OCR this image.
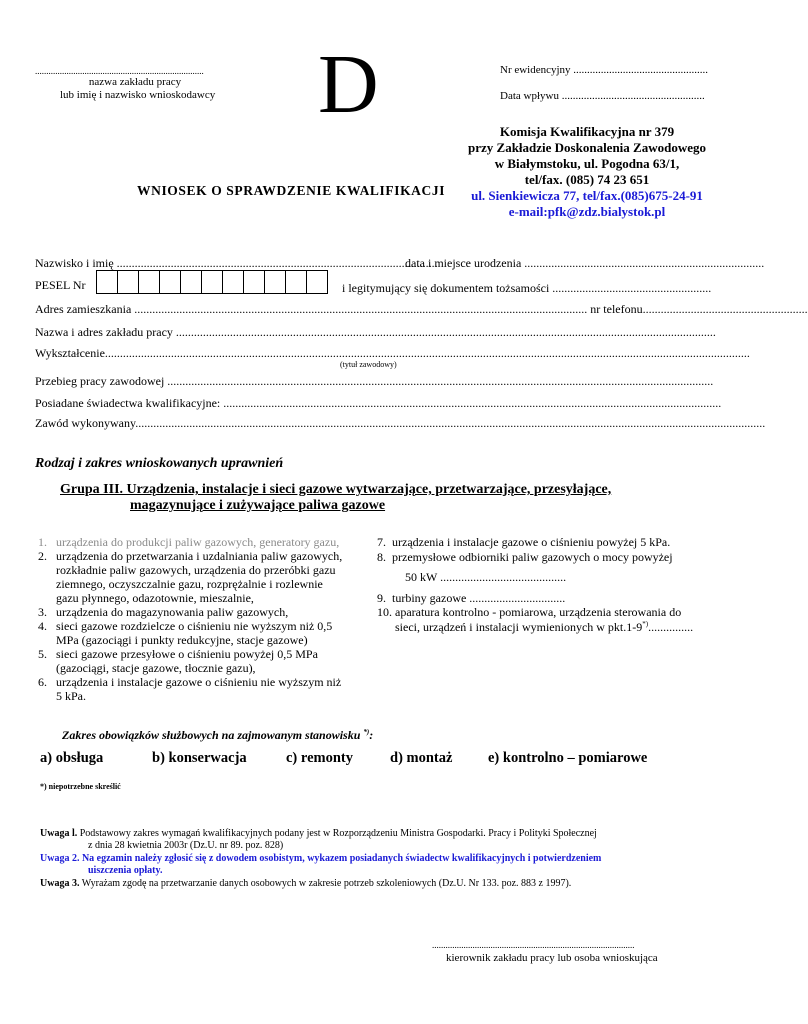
...........................................................................
nazwa zakładu pracy
lub imię i nazwisko wnioskodawcy D	Nr ewidencyjny .................................................
Data wpływu ....................................................
Komisja Kwalifikacyjna nr 379
przy Zakładzie Doskonalenia Zawodowego
w Białymstoku, ul. Pogodna 63/1,
tel/fax. (085) 74 23 651
ul. Sienkiewicza 77, tel/fax.(085)675-24-91
e-mail:pfk@zdz.bialystok.pl
WNIOSEK O SPRAWDZENIE KWALIFIKACJI
Nazwisko i imię ...........................................................................................................
data i miejsce urodzenia ................................................................................
PESEL Nr	i legitymujący się dokumentem tożsamości .....................................................
Adres zamieszkania ....................................................................................................................................................... nr telefonu.......................................................
Nazwa i adres zakładu pracy ....................................................................................................................................................................................
Wykształcenie.......................................................................................................................................................................................................................
(tytuł zawodowy)
Przebieg pracy zawodowej ......................................................................................................................................................................................
Posiadane świadectwa kwalifikacyjne: ......................................................................................................................................................................
Zawód wykonywany..................................................................................................................................................................................................................
Rodzaj i zakres wnioskowanych uprawnień
Grupa III. Urządzenia, instalacje i sieci gazowe wytwarzające, przetwarzające, przesyłające,
magazynujące i zużywające paliwa gazowe
1. urządzenia do produkcji paliw gazowych, generatory gazu,
2. urządzenia do przetwarzania i uzdalniania paliw gazowych, rozkładnie paliw gazowych, urządzenia do przeróbki gazu ziemnego, oczyszczalnie gazu, rozprężalnie i rozlewnie gazu płynnego, odazotownie, mieszalnie,
3. urządzenia do magazynowania paliw gazowych,
4. sieci gazowe rozdzielcze o ciśnieniu nie wyższym niż 0,5 MPa (gazociągi i punkty redukcyjne, stacje gazowe)
5. sieci gazowe przesyłowe o ciśnieniu powyżej 0,5 MPa (gazociągi, stacje gazowe, tłocznie gazu),
6. urządzenia i instalacje gazowe o ciśnieniu nie wyższym niż 5 kPa.
7. urządzenia i instalacje gazowe o ciśnieniu powyżej 5 kPa.
8. przemysłowe odbiorniki paliw gazowych o mocy powyżej
50 kW ..........................................
9. turbiny gazowe ................................
10. aparatura kontrolno - pomiarowa, urządzenia sterowania do
sieci, urządzeń i instalacji wymienionych w pkt.1-9*)...............
Zakres obowiązków służbowych na zajmowanym stanowisku *):
a) obsługa	b) konserwacja	c) remonty	d) montaż e) kontrolno – pomiarowe
*) niepotrzebne skreślić
Uwaga l. Podstawowy zakres wymagań kwalifikacyjnych podany jest w Rozporządzeniu Ministra Gospodarki. Pracy i Polityki Społecznej
z dnia 28 kwietnia 2003r (Dz.U. nr 89. poz. 828)
Uwaga 2. Na egzamin należy zgłosić się z dowodem osobistym, wykazem posiadanych świadectw kwalifikacyjnych i potwierdzeniem
uiszczenia opłaty.
Uwaga 3. Wyrażam zgodę na przetwarzanie danych osobowych w zakresie potrzeb szkoleniowych (Dz.U. Nr 133. poz. 883 z 1997).
..........................................................................................
kierownik zakładu pracy lub osoba wnioskująca
